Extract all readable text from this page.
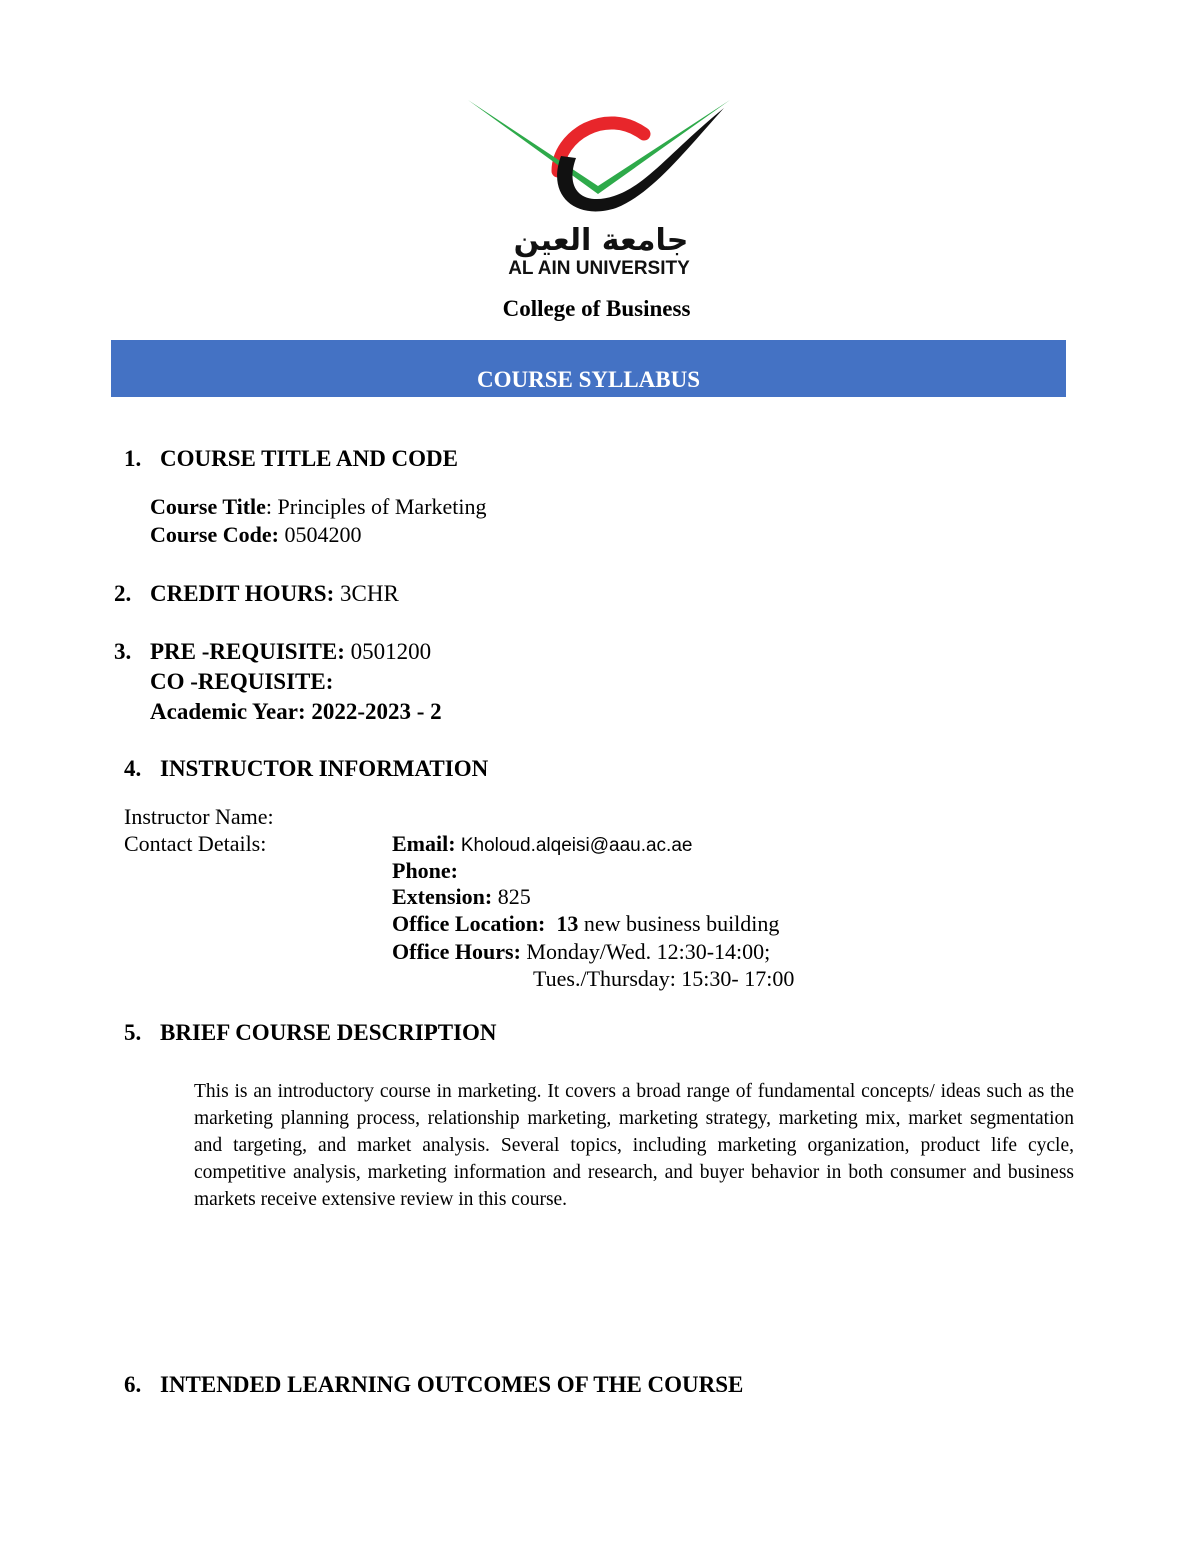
جامعة العين
AL AIN UNIVERSITY
College of Business
COURSE SYLLABUS
1. COURSE TITLE AND CODE
Course Title: Principles of Marketing
Course Code: 0504200
2. CREDIT HOURS: 3CHR
3. PRE -REQUISITE: 0501200
CO -REQUISITE:
Academic Year: 2022-2023 - 2
4. INSTRUCTOR INFORMATION
Instructor Name:
Contact Details:	Email: Kholoud.alqeisi@aau.ac.ae
Phone:
Extension: 825
Office Location:  13 new business building
Office Hours: Monday/Wed. 12:30-14:00;
Tues./Thursday: 15:30- 17:00
5. BRIEF COURSE DESCRIPTION
This is an introductory course in marketing. It covers a broad range of fundamental concepts/ ideas such as the marketing planning process, relationship marketing, marketing strategy, marketing mix, market segmentation and targeting, and market analysis. Several topics, including marketing organization, product life cycle, competitive analysis, marketing information and research, and buyer behavior in both consumer and business markets receive extensive review in this course.
6. INTENDED LEARNING OUTCOMES OF THE COURSE
